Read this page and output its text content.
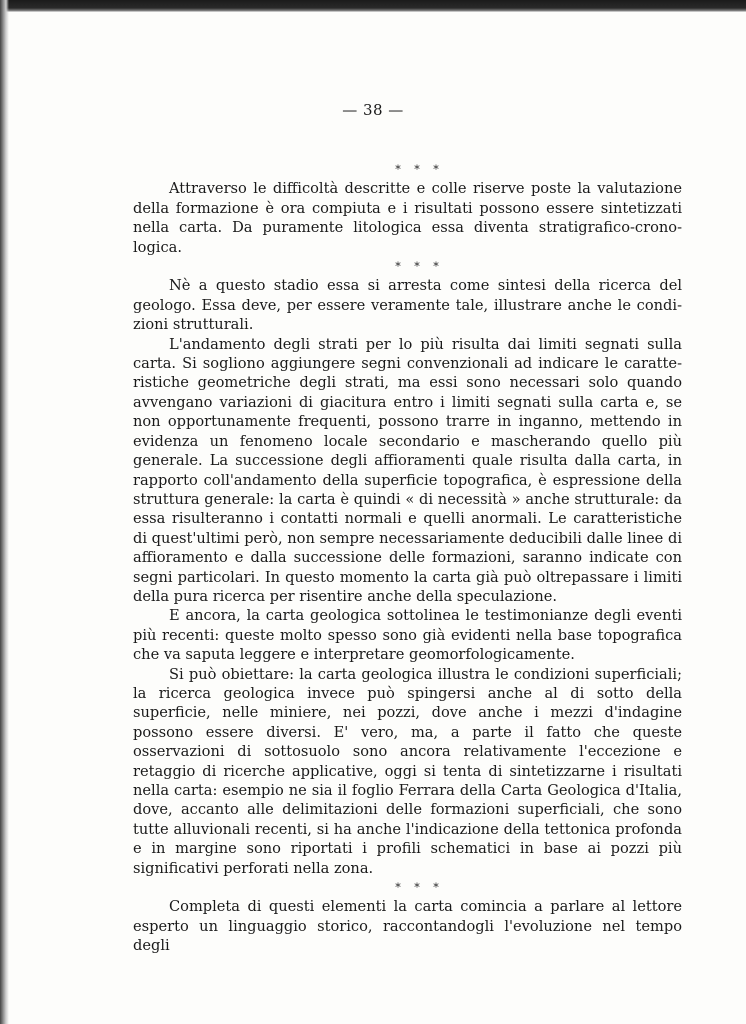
— 38 —
* * *

Attraverso le difficoltà descritte e colle riserve poste la valutazione della formazione è ora compiuta e i risultati possono essere sintetizzati nella carta. Da puramente litologica essa diventa stratigrafico-cronologica.

* * *

Nè a questo stadio essa si arresta come sintesi della ricerca del geologo. Essa deve, per essere veramente tale, illustrare anche le condizioni strutturali.

L'andamento degli strati per lo più risulta dai limiti segnati sulla carta. Si sogliono aggiungere segni convenzionali ad indicare le caratteristiche geometriche degli strati, ma essi sono necessari solo quando avvengano variazioni di giacitura entro i limiti segnati sulla carta e, se non opportunamente frequenti, possono trarre in inganno, mettendo in evidenza un fenomeno locale secondario e mascherando quello più generale. La successione degli affioramenti quale risulta dalla carta, in rapporto coll'andamento della superficie topografica, è espressione della struttura generale: la carta è quindi « di necessità » anche strutturale: da essa risulteranno i contatti normali e quelli anormali. Le caratteristiche di quest'ultimi però, non sempre necessariamente deducibili dalle linee di affioramento e dalla successione delle formazioni, saranno indicate con segni particolari. In questo momento la carta già può oltrepassare i limiti della pura ricerca per risentire anche della speculazione.

E ancora, la carta geologica sottolinea le testimonianze degli eventi più recenti: queste molto spesso sono già evidenti nella base topografica che va saputa leggere e interpretare geomorfologicamente.

Si può obiettare: la carta geologica illustra le condizioni superficiali; la ricerca geologica invece può spingersi anche al di sotto della superficie, nelle miniere, nei pozzi, dove anche i mezzi d'indagine possono essere diversi. E' vero, ma, a parte il fatto che queste osservazioni di sottosuolo sono ancora relativamente l'eccezione e retaggio di ricerche applicative, oggi si tenta di sintetizzarne i risultati nella carta: esempio ne sia il foglio Ferrara della Carta Geologica d'Italia, dove, accanto alle delimitazioni delle formazioni superficiali, che sono tutte alluvionali recenti, si ha anche l'indicazione della tettonica profonda e in margine sono riportati i profili schematici in base ai pozzi più significativi perforati nella zona.

* * *

Completa di questi elementi la carta comincia a parlare al lettore esperto un linguaggio storico, raccontandogli l'evoluzione nel tempo degli
